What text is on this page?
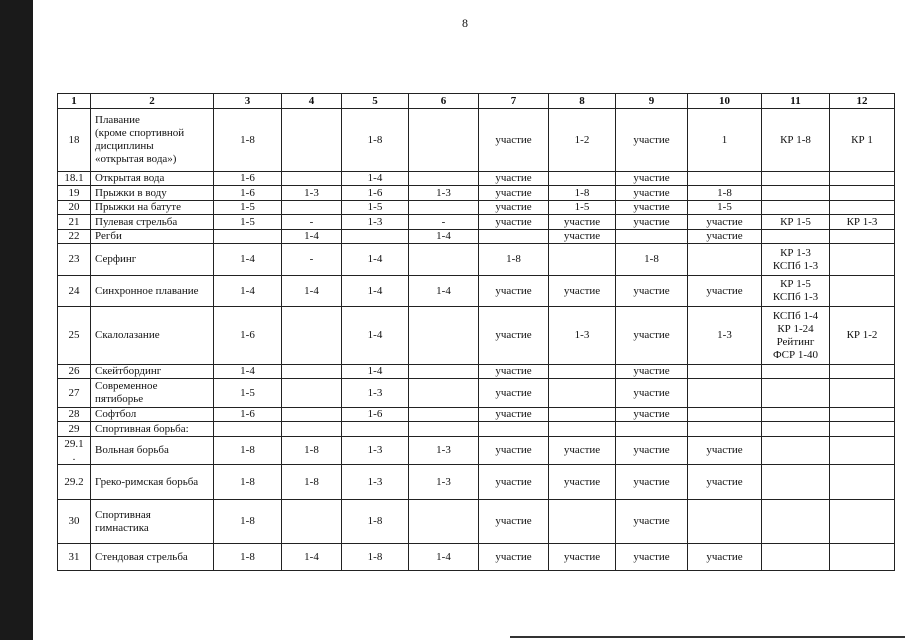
8
1	2	3	4	5	6	7	8	9	10	11	12
18	Плавание
(кроме спортивной
дисциплины
«открытая вода»)	1-8		1-8		участие	1-2	участие	1	КР 1-8	КР 1
18.1	Открытая вода	1-6		1-4		участие		участие			
19	Прыжки в воду	1-6	1-3	1-6	1-3	участие	1-8	участие	1-8		
20	Прыжки на батуте	1-5		1-5		участие	1-5	участие	1-5		
21	Пулевая стрельба	1-5	-	1-3	-	участие	участие	участие	участие	КР 1-5	КР 1-3
22	Регби		1-4		1-4		участие		участие		
23	Серфинг	1-4	-	1-4		1-8		1-8		КР 1-3
КСПб 1-3	
24	Синхронное плавание	1-4	1-4	1-4	1-4	участие	участие	участие	участие	КР 1-5
КСПб 1-3	
25	Скалолазание	1-6		1-4		участие	1-3	участие	1-3	КСПб 1-4
КР 1-24
Рейтинг
ФСР 1-40	КР 1-2
26	Скейтбординг	1-4		1-4		участие		участие			
27	Современное
пятиборье	1-5		1-3		участие		участие			
28	Софтбол	1-6		1-6		участие		участие			
29	Спортивная борьба:										
29.1
.	Вольная борьба	1-8	1-8	1-3	1-3	участие	участие	участие	участие		
29.2	Греко-римская борьба	1-8	1-8	1-3	1-3	участие	участие	участие	участие		
30	Спортивная
гимнастика	1-8		1-8		участие		участие			
31	Стендовая стрельба	1-8	1-4	1-8	1-4	участие	участие	участие	участие		
